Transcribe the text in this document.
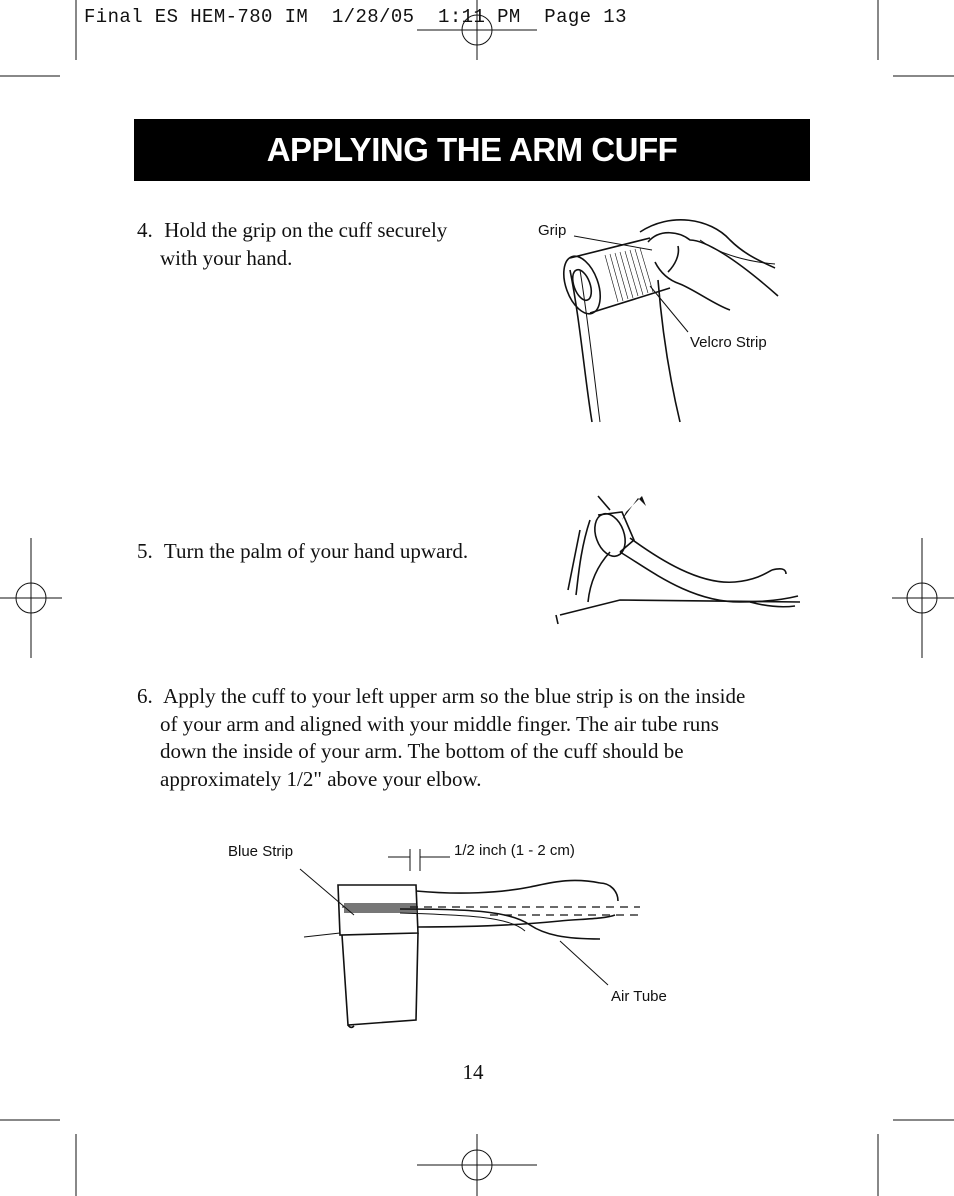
Final ES HEM-780 IM  1/28/05  1:11 PM  Page 13
APPLYING THE ARM CUFF
4. Hold the grip on the cuff securely
with your hand.
Grip
Velcro Strip
5. Turn the palm of your hand upward.
6. Apply the cuff to your left upper arm so the blue strip is on the inside
of your arm and aligned with your middle finger. The air tube runs
down the inside of your arm. The bottom of the cuff should be
approximately 1/2" above your elbow.
Blue Strip	1/2 inch (1 - 2 cm)
Air Tube
14
